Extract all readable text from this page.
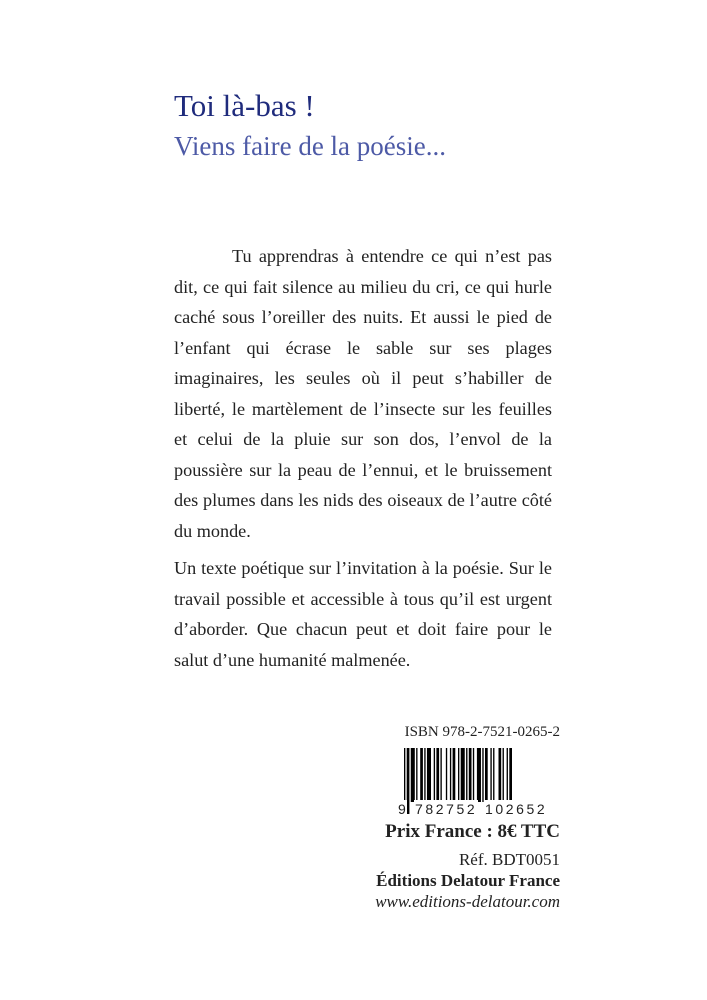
Toi là-bas !
Viens faire de la poésie...

Tu apprendras à entendre ce qui n’est pas dit, ce qui fait silence au milieu du cri, ce qui hurle caché sous l’oreiller des nuits. Et aussi le pied de l’enfant qui écrase le sable sur ses plages imaginaires, les seules où il peut s’habiller de liberté, le martèlement de l’insecte sur les feuilles et celui de la pluie sur son dos, l’envol de la poussière sur la peau de l’ennui, et le bruissement des plumes dans les nids des oiseaux de l’autre côté du monde.

Un texte poétique sur l’invitation à la poésie. Sur le travail possible et accessible à tous qu’il est urgent d’aborder. Que chacun peut et doit faire pour le salut d’une humanité malmenée.

ISBN 978-2-7521-0265-2
9 782752 102652
Prix France : 8€ TTC
Réf. BDT0051
Éditions Delatour France
www.editions-delatour.com
